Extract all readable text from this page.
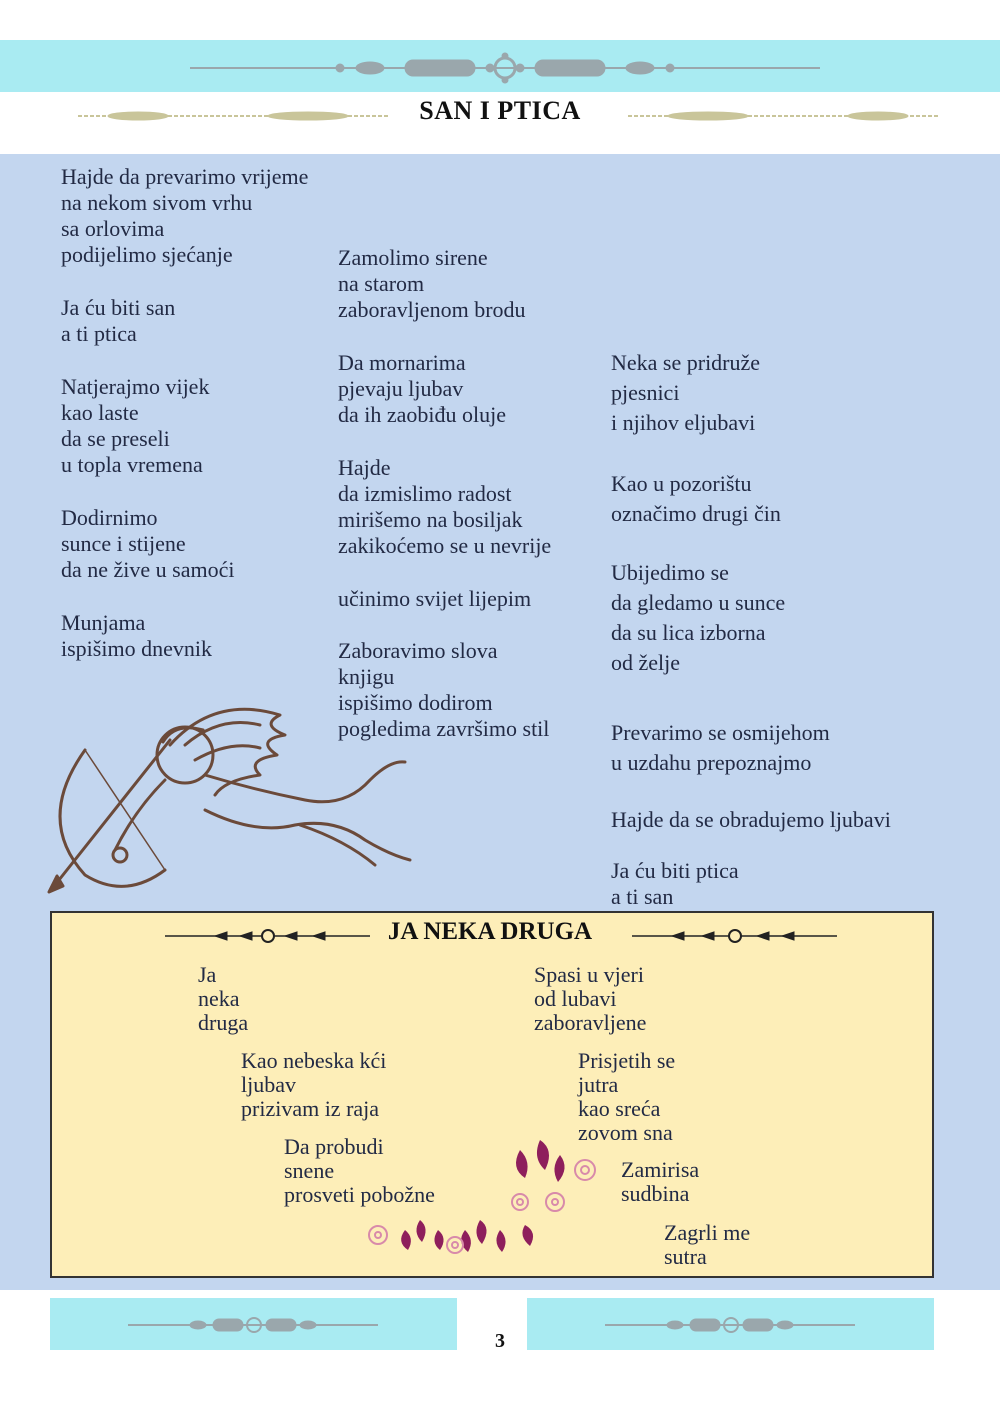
SAN I PTICA
Hajde da prevarimo vrijeme
na nekom sivom vrhu
sa orlovima
podijelimo sjećanje
Ja ću biti san
a ti ptica
Natjerajmo vijek
kao laste
da se preseli
u topla vremena
Dodirnimo
sunce i stijene
da ne žive u samoći
Munjama
ispišimo dnevnik
Zamolimo sirene
na starom
zaboravljenom brodu
Da mornarima
pjevaju ljubav
da ih zaobiđu oluje
Hajde
da izmislimo radost
mirišemo na bosiljak
zakikoćemo se u nevrije
učinimo svijet lijepim
Zaboravimo slova
knjigu
ispišimo dodirom
pogledima završimo stil
Neka se pridruže
pjesnici
i njihov eljubavi
Kao u pozorištu
označimo drugi čin
Ubijedimo se
da gledamo u sunce
da su lica izborna
od želje
Prevarimo se osmijehom
u uzdahu prepoznajmo
Hajde da se obradujemo ljubavi
Ja ću biti ptica
a ti san
JA NEKA DRUGA
Ja
neka
druga
Kao nebeska kći
ljubav
prizivam iz raja
Da probudi
snene
prosveti pobožne
Spasi u vjeri
od lubavi
zaboravljene
Prisjetih se
jutra
kao sreća
zovom sna
Zamirisa
sudbina
Zagrli me
sutra
3
